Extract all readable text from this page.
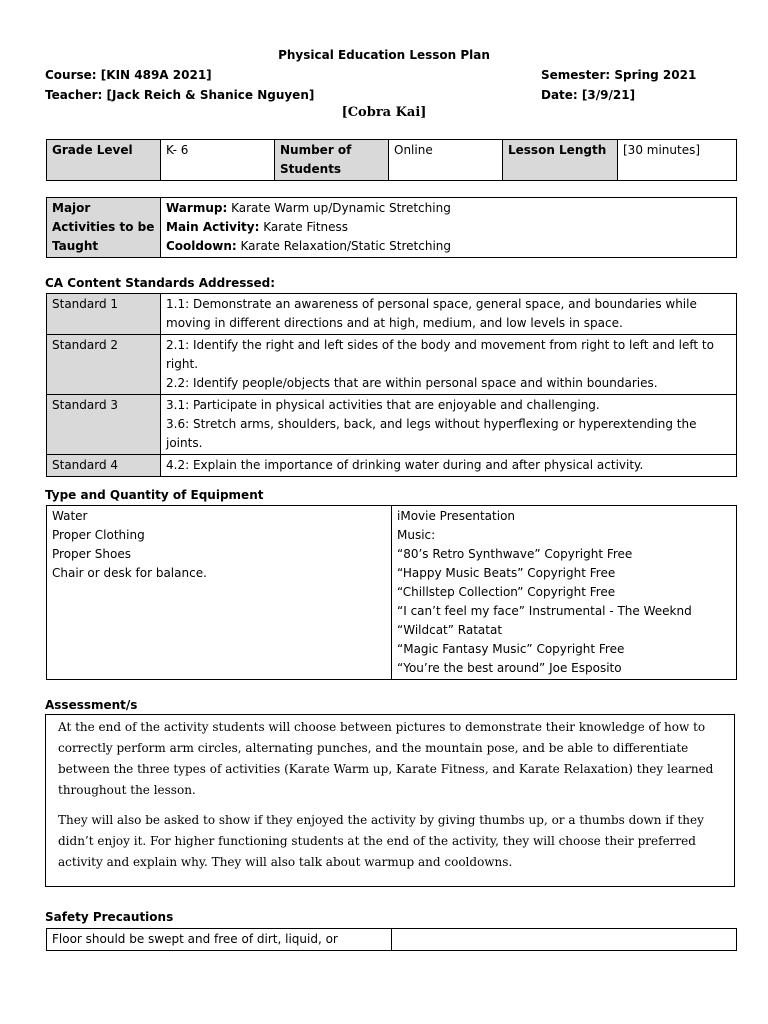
Physical Education Lesson Plan
Course: [KIN 489A 2021]
Teacher: [Jack Reich & Shanice Nguyen]
Semester: Spring 2021
Date: [3/9/21]
[Cobra Kai]
Grade Level	K- 6	Number of Students	Online	Lesson Length	[30 minutes]
Major Activities to be Taught	
Warmup: Karate Warm up/Dynamic Stretching
Main Activity: Karate Fitness
Cooldown: Karate Relaxation/Static Stretching
CA Content Standards Addressed:
Standard 1	1.1: Demonstrate an awareness of personal space, general space, and boundaries while moving in different directions and at high, medium, and low levels in space.

Standard 2	2.1: Identify the right and left sides of the body and movement from right to left and left to right.
2.2: Identify people/objects that are within personal space and within boundaries.

Standard 3	3.1: Participate in physical activities that are enjoyable and challenging.
3.6: Stretch arms, shoulders, back, and legs without hyperflexing or hyperextending the joints.

Standard 4	4.2: Explain the importance of drinking water during and after physical activity.
Type and Quantity of Equipment
Water
Proper Clothing
Proper Shoes
Chair or desk for balance.

iMovie Presentation
Music:
“80’s Retro Synthwave” Copyright Free
“Happy Music Beats” Copyright Free
“Chillstep Collection” Copyright Free
“I can’t feel my face” Instrumental - The Weeknd
“Wildcat” Ratatat
“Magic Fantasy Music” Copyright Free
“You’re the best around” Joe Esposito
Assessment/s

At the end of the activity students will choose between pictures to demonstrate their knowledge of how to correctly perform arm circles, alternating punches, and the mountain pose, and be able to differentiate between the three types of activities (Karate Warm up, Karate Fitness, and Karate Relaxation) they learned throughout the lesson.

They will also be asked to show if they enjoyed the activity by giving thumbs up, or a thumbs down if they didn’t enjoy it. For higher functioning students at the end of the activity, they will choose their preferred activity and explain why. They will also talk about warmup and cooldowns.

Safety Precautions
Floor should be swept and free of dirt, liquid, or	
